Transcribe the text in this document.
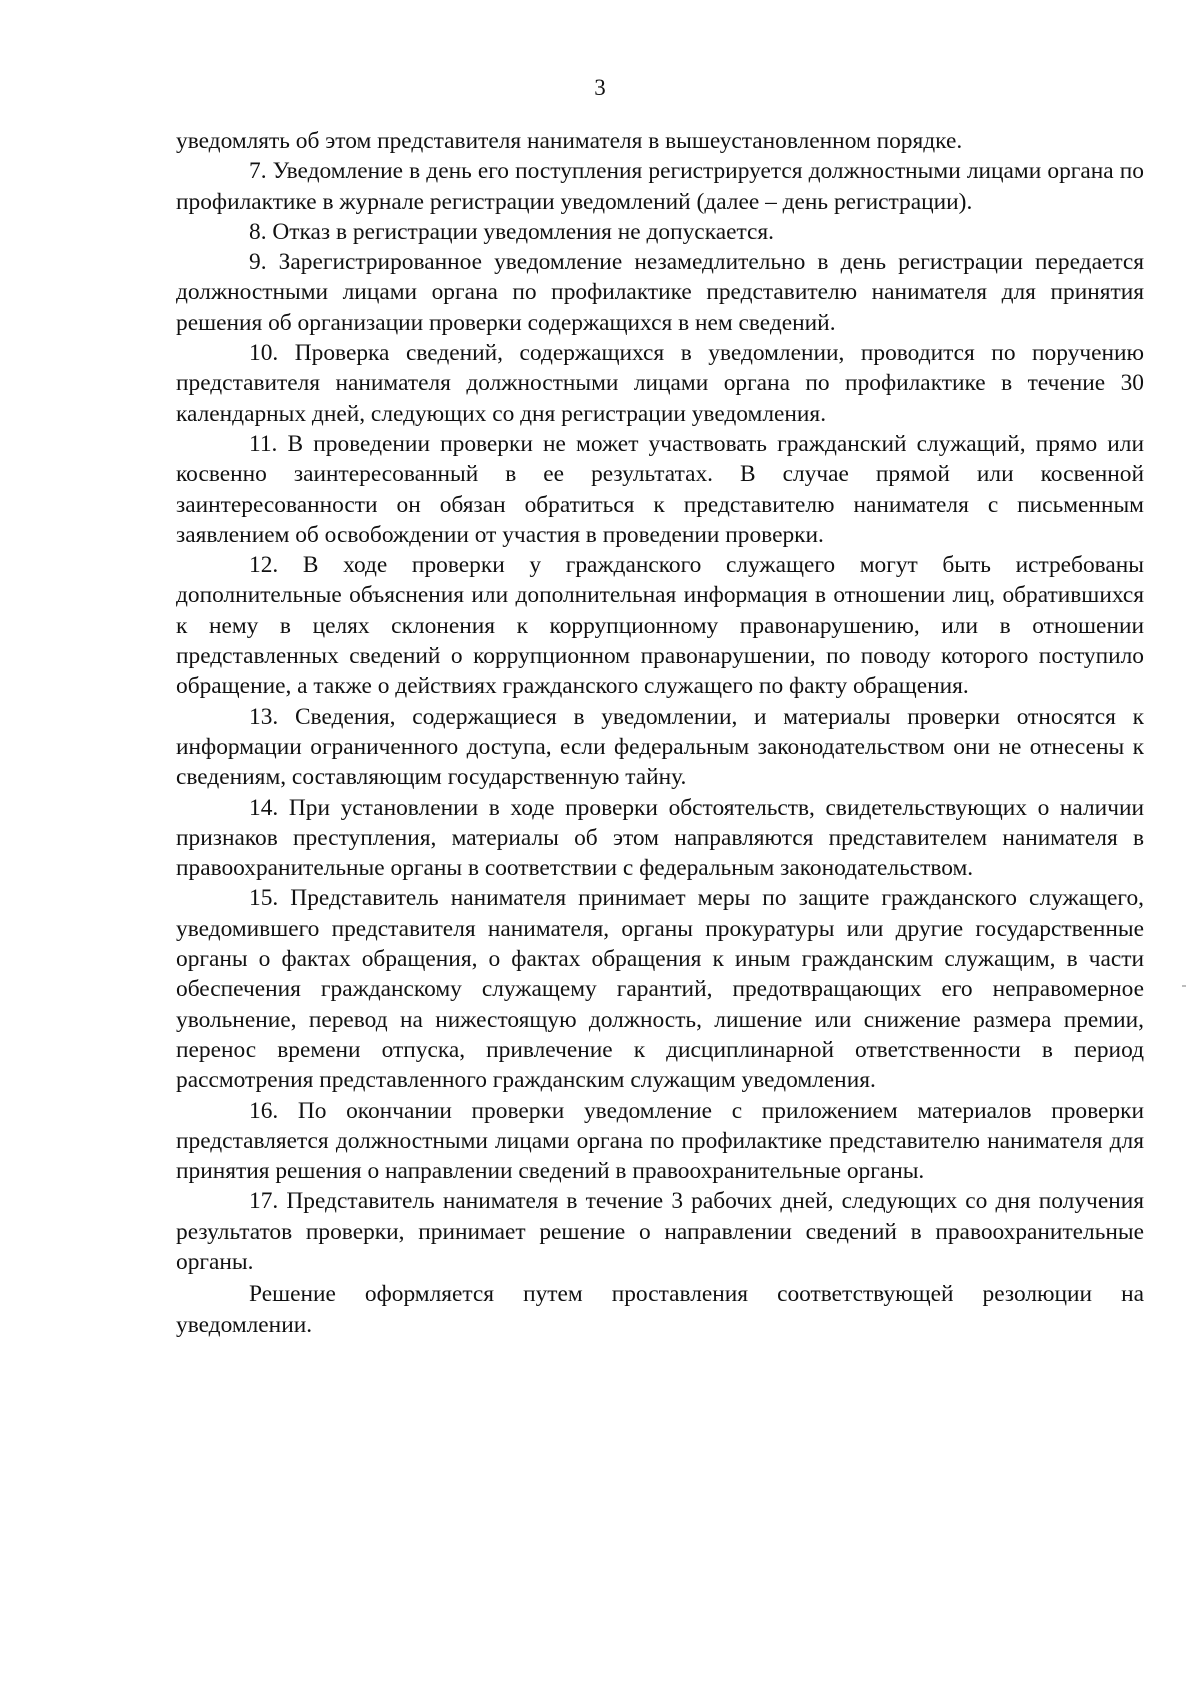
3

уведомлять об этом представителя нанимателя в вышеустановленном порядке.

7. Уведомление в день его поступления регистрируется должностными лицами органа по профилактике в журнале регистрации уведомлений (далее – день регистрации).

8. Отказ в регистрации уведомления не допускается.

9. Зарегистрированное уведомление незамедлительно в день регистрации передается должностными лицами органа по профилактике представителю нанимателя для принятия решения об организации проверки содержащихся в нем сведений.

10. Проверка сведений, содержащихся в уведомлении, проводится по поручению представителя нанимателя должностными лицами органа по профилактике в течение 30 календарных дней, следующих со дня регистрации уведомления.

11. В проведении проверки не может участвовать гражданский служащий, прямо или косвенно заинтересованный в ее результатах. В случае прямой или косвенной заинтересованности он обязан обратиться к представителю нанимателя с письменным заявлением об освобождении от участия в проведении проверки.

12. В ходе проверки у гражданского служащего могут быть истребованы дополнительные объяснения или дополнительная информация в отношении лиц, обратившихся к нему в целях склонения к коррупционному правонарушению, или в отношении представленных сведений о коррупционном правонарушении, по поводу которого поступило обращение, а также о действиях гражданского служащего по факту обращения.

13. Сведения, содержащиеся в уведомлении, и материалы проверки относятся к информации ограниченного доступа, если федеральным законодательством они не отнесены к сведениям, составляющим государственную тайну.

14. При установлении в ходе проверки обстоятельств, свидетельствующих о наличии признаков преступления, материалы об этом направляются представителем нанимателя в правоохранительные органы в соответствии с федеральным законодательством.

15. Представитель нанимателя принимает меры по защите гражданского служащего, уведомившего представителя нанимателя, органы прокуратуры или другие государственные органы о фактах обращения, о фактах обращения к иным гражданским служащим, в части обеспечения гражданскому служащему гарантий, предотвращающих его неправомерное увольнение, перевод на нижестоящую должность, лишение или снижение размера премии, перенос времени отпуска, привлечение к дисциплинарной ответственности в период рассмотрения представленного гражданским служащим уведомления.

16. По окончании проверки уведомление с приложением материалов проверки представляется должностными лицами органа по профилактике представителю нанимателя для принятия решения о направлении сведений в правоохранительные органы.

17. Представитель нанимателя в течение 3 рабочих дней, следующих со дня получения результатов проверки, принимает решение о направлении сведений в правоохранительные органы.

Решение оформляется путем проставления соответствующей резолюции на уведомлении.
